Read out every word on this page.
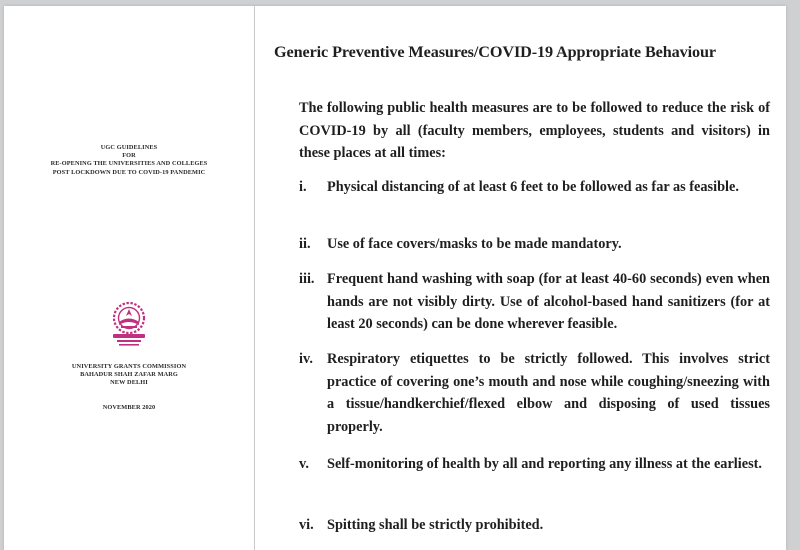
UGC GUIDELINES
FOR
RE-OPENING THE UNIVERSITIES AND COLLEGES
POST LOCKDOWN DUE TO COVID-19 PANDEMIC
UNIVERSITY GRANTS COMMISSION
BAHADUR SHAH ZAFAR MARG
NEW DELHI
NOVEMBER 2020
Generic Preventive Measures/COVID-19 Appropriate Behaviour
The following public health measures are to be followed to reduce the risk of COVID-19 by all (faculty members, employees, students and visitors) in these places at all times:
i.	Physical distancing of at least 6 feet to be followed as far as feasible.
ii.	Use of face covers/masks to be made mandatory.
iii. Frequent hand washing with soap (for at least 40-60 seconds) even when hands are not visibly dirty. Use of alcohol-based hand sanitizers (for at least 20 seconds) can be done wherever feasible.
iv. Respiratory etiquettes to be strictly followed. This involves strict practice of covering one’s mouth and nose while coughing/sneezing with a tissue/handkerchief/flexed elbow and disposing of used tissues properly.
v.	Self-monitoring of health by all and reporting any illness at the earliest.
vi. Spitting shall be strictly prohibited.
